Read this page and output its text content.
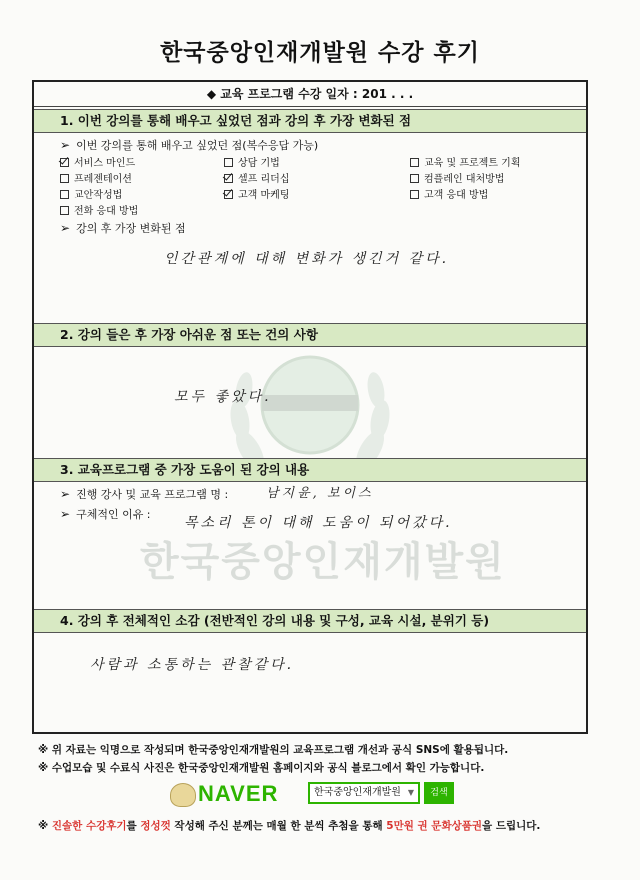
한국중앙인재개발원 수강 후기
한국중앙인재개발원
◆ 교육 프로그램 수강 일자 : 201 . . .
1. 이번 강의를 통해 배우고 싶었던 점과 강의 후 가장 변화된 점
➢ 이번 강의를 통해 배우고 싶었던 점(복수응답 가능)
서비스 마인드	상담 기법	교육 및 프로젝트 기획
프레젠테이션	셀프 리더십	컴플레인 대처방법
교안작성법	고객 마케팅	고객 응대 방법
전화 응대 방법
➢ 강의 후 가장 변화된 점
인간관계에 대해 변화가 생긴거 같다.
2. 강의 들은 후 가장 아쉬운 점 또는 건의 사항
모두 좋았다.
3. 교육프로그램 중 가장 도움이 된 강의 내용
➢ 진행 강사 및 교육 프로그램 명 :	남지윤, 보이스
➢ 구체적인 이유 :
목소리 톤이 대해 도움이 되어갔다.
4. 강의 후 전체적인 소감 (전반적인 강의 내용 및 구성, 교육 시설, 분위기 등)
사람과 소통하는 관찰같다.
※ 위 자료는 익명으로 작성되며 한국중앙인재개발원의 교육프로그램 개선과 공식 SNS에 활용됩니다.
※ 수업모습 및 수료식 사진은 한국중앙인재개발원 홈페이지와 공식 블로그에서 확인 가능합니다.
NAVER	한국중앙인재개발원 ▼	검색
※ 진솔한 수강후기를 정성껏 작성해 주신 분께는 매월 한 분씩 추첨을 통해 5만원 권 문화상품권을 드립니다.
